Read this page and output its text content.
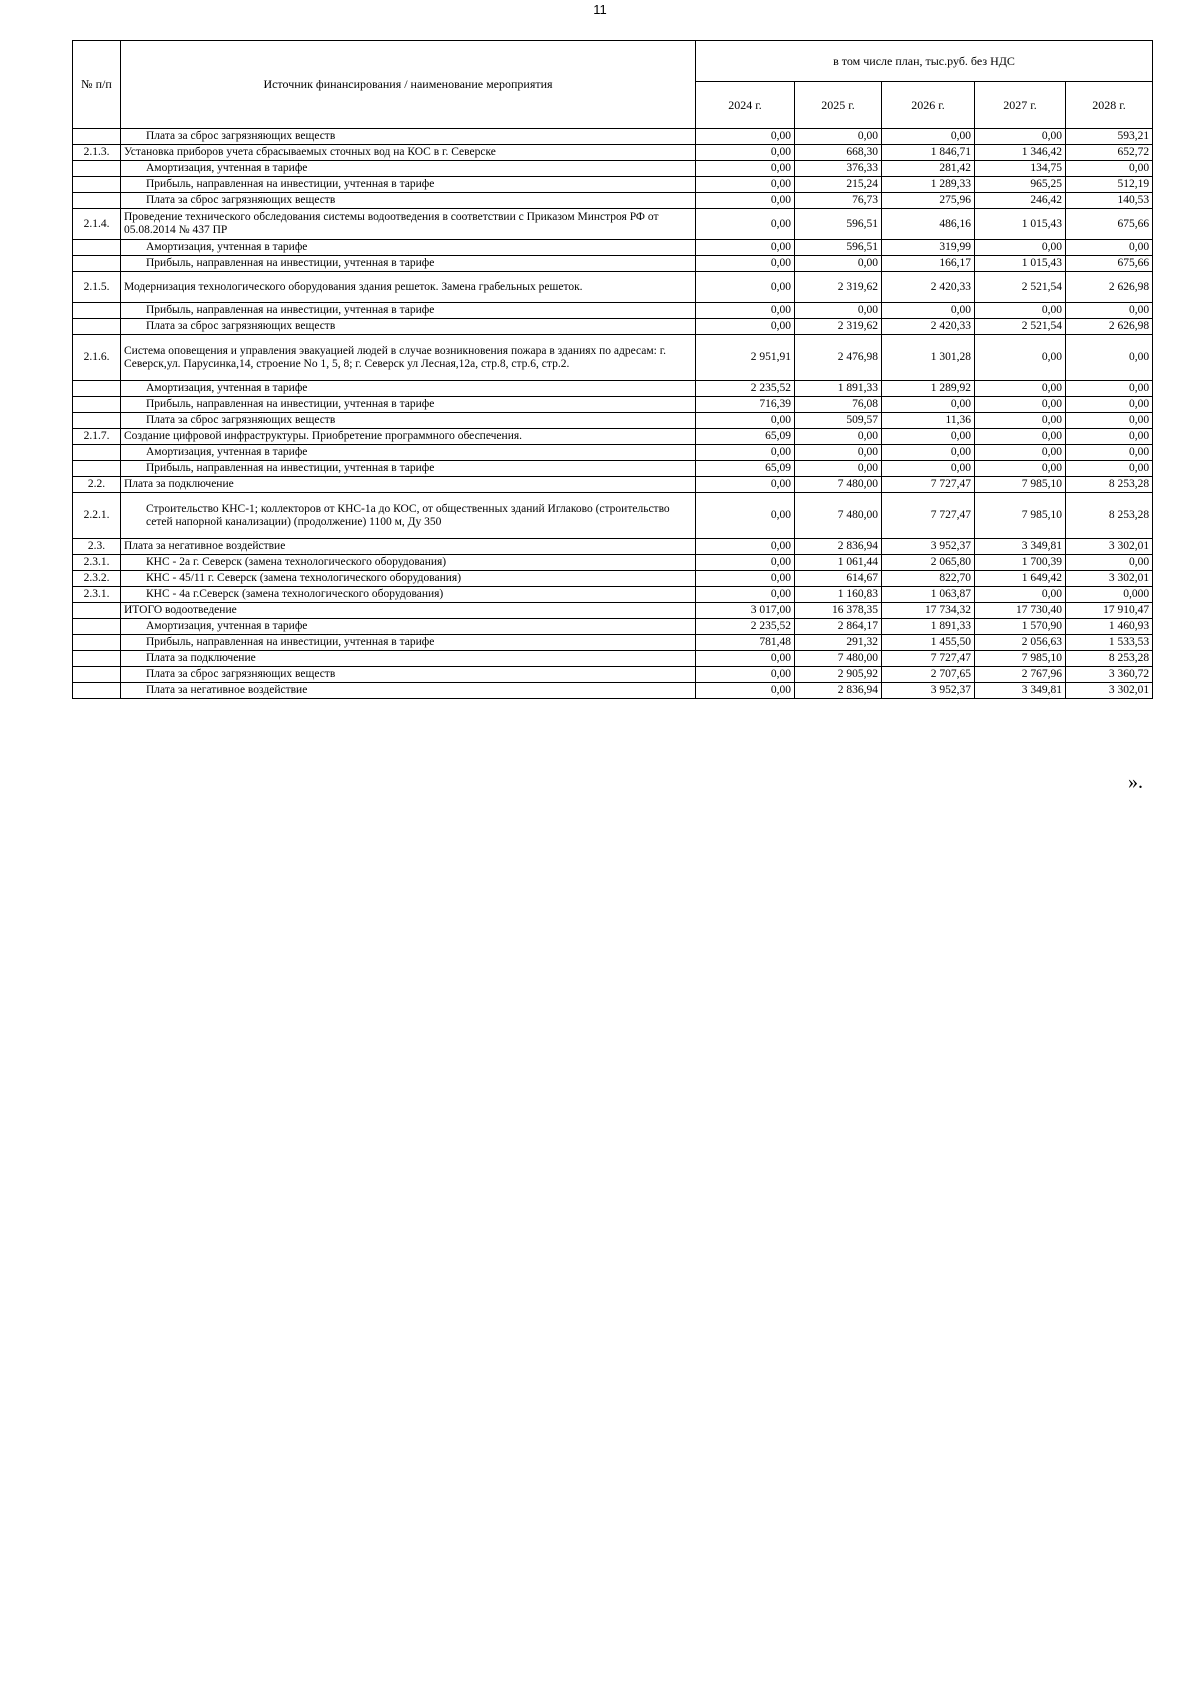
11
№ п/п	Источник финансирования / наименование мероприятия	в том числе план, тыс.руб. без НДС				
		2024 г.	2025 г.	2026 г.	2027 г.	2028 г.
	Плата за сброс загрязняющих веществ	0,00	0,00	0,00	0,00	593,21
2.1.3.	Установка приборов учета сбрасываемых сточных вод на КОС в г. Северске	0,00	668,30	1 846,71	1 346,42	652,72
	Амортизация, учтенная в тарифе	0,00	376,33	281,42	134,75	0,00
	Прибыль, направленная на инвестиции, учтенная в тарифе	0,00	215,24	1 289,33	965,25	512,19
	Плата за сброс загрязняющих веществ	0,00	76,73	275,96	246,42	140,53
2.1.4.	Проведение технического обследования системы водоотведения в соответствии с Приказом Минстроя РФ от 05.08.2014 № 437 ПР	0,00	596,51	486,16	1 015,43	675,66
	Амортизация, учтенная в тарифе	0,00	596,51	319,99	0,00	0,00
	Прибыль, направленная на инвестиции, учтенная в тарифе	0,00	0,00	166,17	1 015,43	675,66
2.1.5.	Модернизация технологического оборудования здания решеток. Замена грабельных решеток.	0,00	2 319,62	2 420,33	2 521,54	2 626,98
	Прибыль, направленная на инвестиции, учтенная в тарифе	0,00	0,00	0,00	0,00	0,00
	Плата за сброс загрязняющих веществ	0,00	2 319,62	2 420,33	2 521,54	2 626,98
2.1.6.	Система оповещения и управления эвакуацией людей в случае возникновения пожара в зданиях по адресам: г. Северск,ул. Парусинка,14, строение No 1, 5, 8; г. Северск ул Лесная,12а, стр.8, стр.6, стр.2.	2 951,91	2 476,98	1 301,28	0,00	0,00
	Амортизация, учтенная в тарифе	2 235,52	1 891,33	1 289,92	0,00	0,00
	Прибыль, направленная на инвестиции, учтенная в тарифе	716,39	76,08	0,00	0,00	0,00
	Плата за сброс загрязняющих веществ	0,00	509,57	11,36	0,00	0,00
2.1.7.	Создание цифровой инфраструктуры. Приобретение программного обеспечения.	65,09	0,00	0,00	0,00	0,00
	Амортизация, учтенная в тарифе	0,00	0,00	0,00	0,00	0,00
	Прибыль, направленная на инвестиции, учтенная в тарифе	65,09	0,00	0,00	0,00	0,00
2.2.	Плата за подключение	0,00	7 480,00	7 727,47	7 985,10	8 253,28
2.2.1.	Строительство КНС-1; коллекторов от КНС-1а до КОС, от общественных зданий Иглаково (строительство сетей напорной канализации) (продолжение) 1100 м, Ду 350	0,00	7 480,00	7 727,47	7 985,10	8 253,28
2.3.	Плата за негативное воздействие	0,00	2 836,94	3 952,37	3 349,81	3 302,01
2.3.1.	КНС - 2а г. Северск (замена технологического оборудования)	0,00	1 061,44	2 065,80	1 700,39	0,00
2.3.2.	КНС - 45/11 г. Северск (замена технологического оборудования)	0,00	614,67	822,70	1 649,42	3 302,01
2.3.1.	КНС - 4а г.Северск (замена технологического оборудования)	0,00	1 160,83	1 063,87	0,00	0,000
	ИТОГО водоотведение	3 017,00	16 378,35	17 734,32	17 730,40	17 910,47
	Амортизация, учтенная в тарифе	2 235,52	2 864,17	1 891,33	1 570,90	1 460,93
	Прибыль, направленная на инвестиции, учтенная в тарифе	781,48	291,32	1 455,50	2 056,63	1 533,53
	Плата за подключение	0,00	7 480,00	7 727,47	7 985,10	8 253,28
	Плата за сброс загрязняющих веществ	0,00	2 905,92	2 707,65	2 767,96	3 360,72
	Плата за негативное воздействие	0,00	2 836,94	3 952,37	3 349,81	3 302,01
».
